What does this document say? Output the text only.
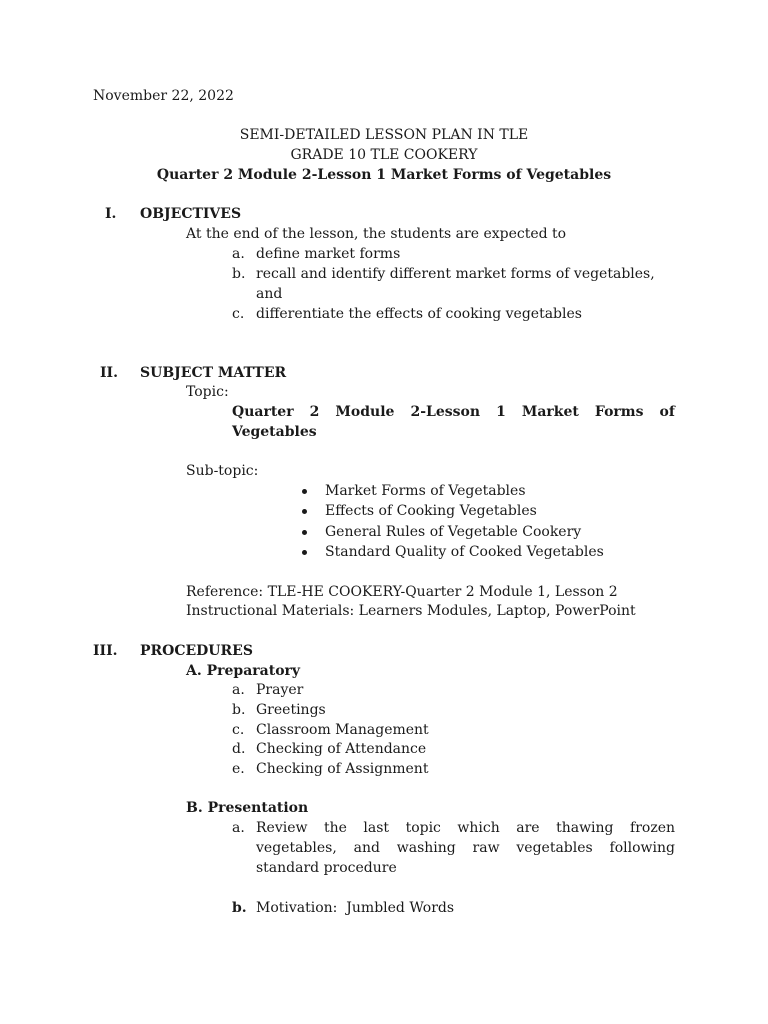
November 22, 2022
SEMI-DETAILED LESSON PLAN IN TLE
GRADE 10 TLE COOKERY
Quarter 2 Module 2-Lesson 1 Market Forms of Vegetables
I. OBJECTIVES
At the end of the lesson, the students are expected to
a. define market forms
b. recall and identify different market forms of vegetables,
and
c. differentiate the effects of cooking vegetables
II. SUBJECT MATTER
Topic:
Quarter 2 Module 2-Lesson 1 Market Forms of
Vegetables
Sub-topic:
Market Forms of Vegetables
Effects of Cooking Vegetables
General Rules of Vegetable Cookery
Standard Quality of Cooked Vegetables
Reference: TLE-HE COOKERY-Quarter 2 Module 1, Lesson 2
Instructional Materials: Learners Modules, Laptop, PowerPoint
III. PROCEDURES
A. Preparatory
a. Prayer
b. Greetings
c. Classroom Management
d. Checking of Attendance
e. Checking of Assignment
B. Presentation
a. Review the last topic which are thawing frozen
vegetables, and washing raw vegetables following
standard procedure
b. Motivation:  Jumbled Words
